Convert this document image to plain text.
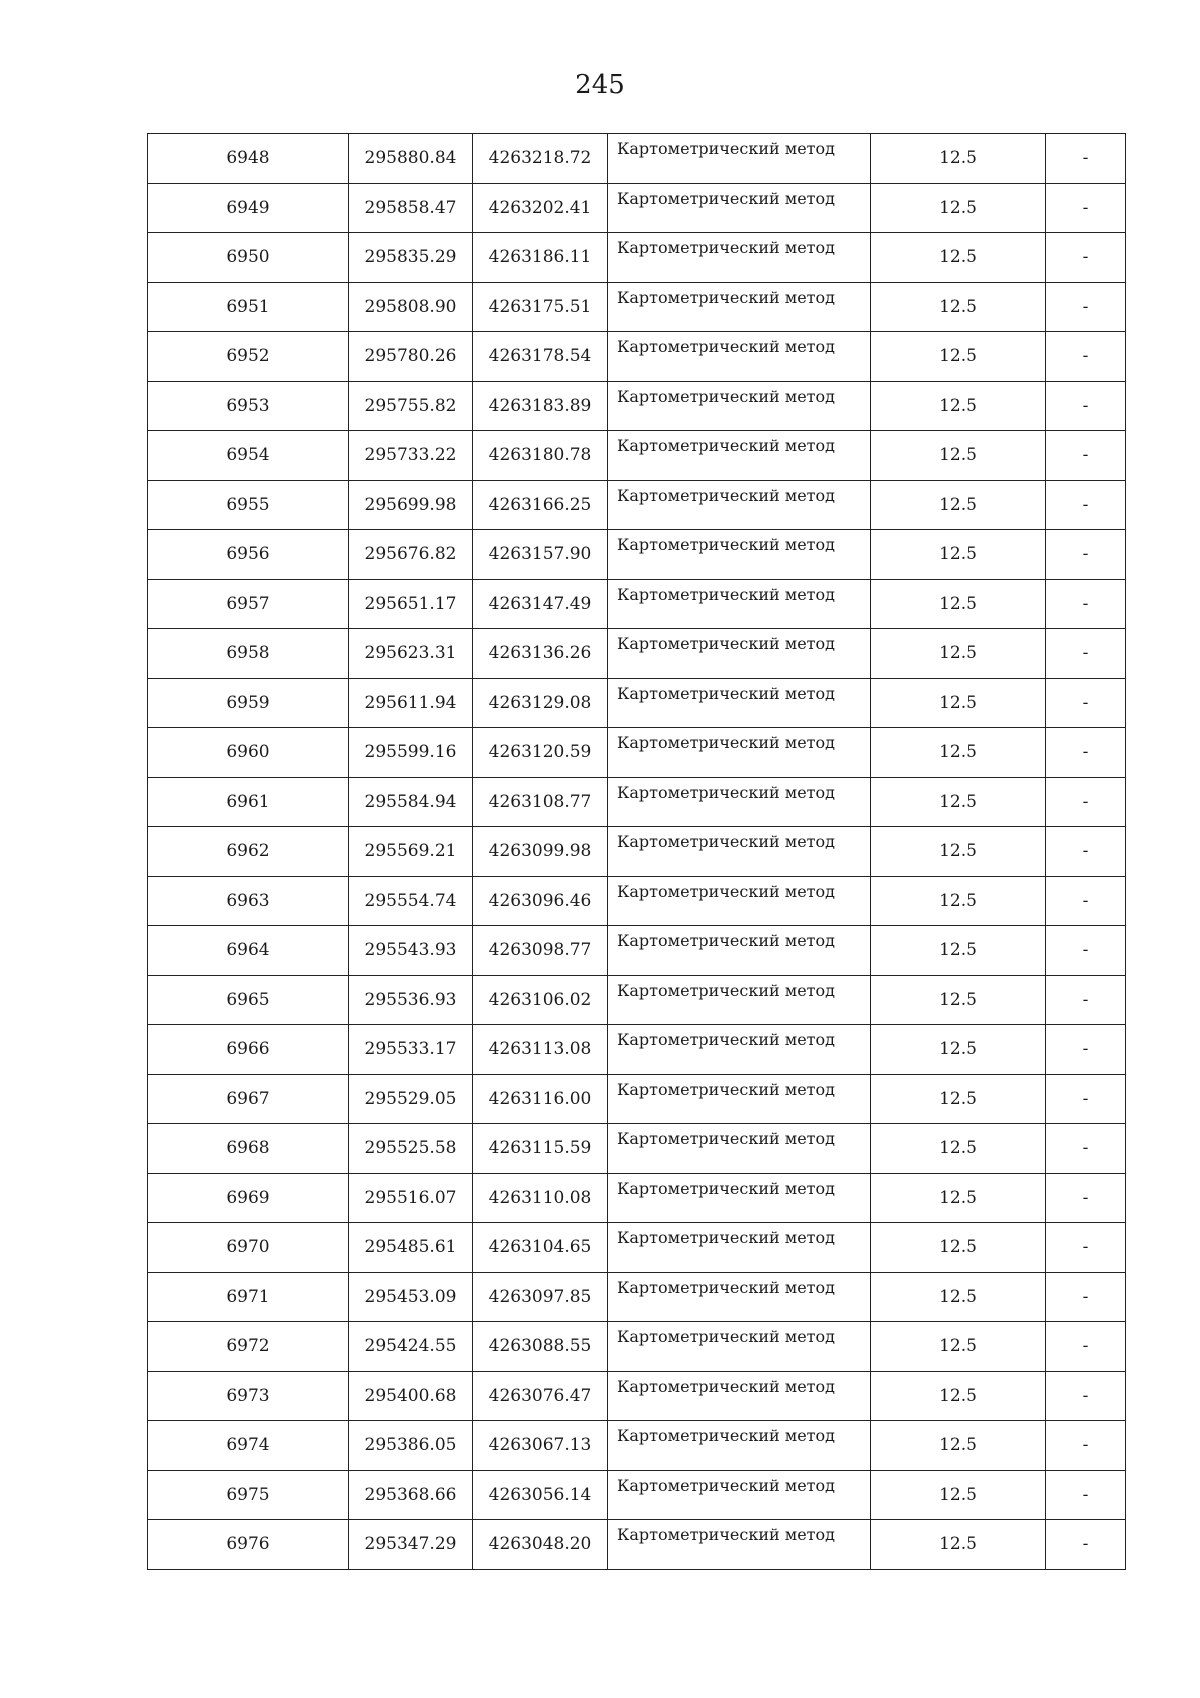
245
6948	295880.84	4263218.72	Картометрический метод	12.5	-
6949	295858.47	4263202.41	Картометрический метод	12.5	-
6950	295835.29	4263186.11	Картометрический метод	12.5	-
6951	295808.90	4263175.51	Картометрический метод	12.5	-
6952	295780.26	4263178.54	Картометрический метод	12.5	-
6953	295755.82	4263183.89	Картометрический метод	12.5	-
6954	295733.22	4263180.78	Картометрический метод	12.5	-
6955	295699.98	4263166.25	Картометрический метод	12.5	-
6956	295676.82	4263157.90	Картометрический метод	12.5	-
6957	295651.17	4263147.49	Картометрический метод	12.5	-
6958	295623.31	4263136.26	Картометрический метод	12.5	-
6959	295611.94	4263129.08	Картометрический метод	12.5	-
6960	295599.16	4263120.59	Картометрический метод	12.5	-
6961	295584.94	4263108.77	Картометрический метод	12.5	-
6962	295569.21	4263099.98	Картометрический метод	12.5	-
6963	295554.74	4263096.46	Картометрический метод	12.5	-
6964	295543.93	4263098.77	Картометрический метод	12.5	-
6965	295536.93	4263106.02	Картометрический метод	12.5	-
6966	295533.17	4263113.08	Картометрический метод	12.5	-
6967	295529.05	4263116.00	Картометрический метод	12.5	-
6968	295525.58	4263115.59	Картометрический метод	12.5	-
6969	295516.07	4263110.08	Картометрический метод	12.5	-
6970	295485.61	4263104.65	Картометрический метод	12.5	-
6971	295453.09	4263097.85	Картометрический метод	12.5	-
6972	295424.55	4263088.55	Картометрический метод	12.5	-
6973	295400.68	4263076.47	Картометрический метод	12.5	-
6974	295386.05	4263067.13	Картометрический метод	12.5	-
6975	295368.66	4263056.14	Картометрический метод	12.5	-
6976	295347.29	4263048.20	Картометрический метод	12.5	-
